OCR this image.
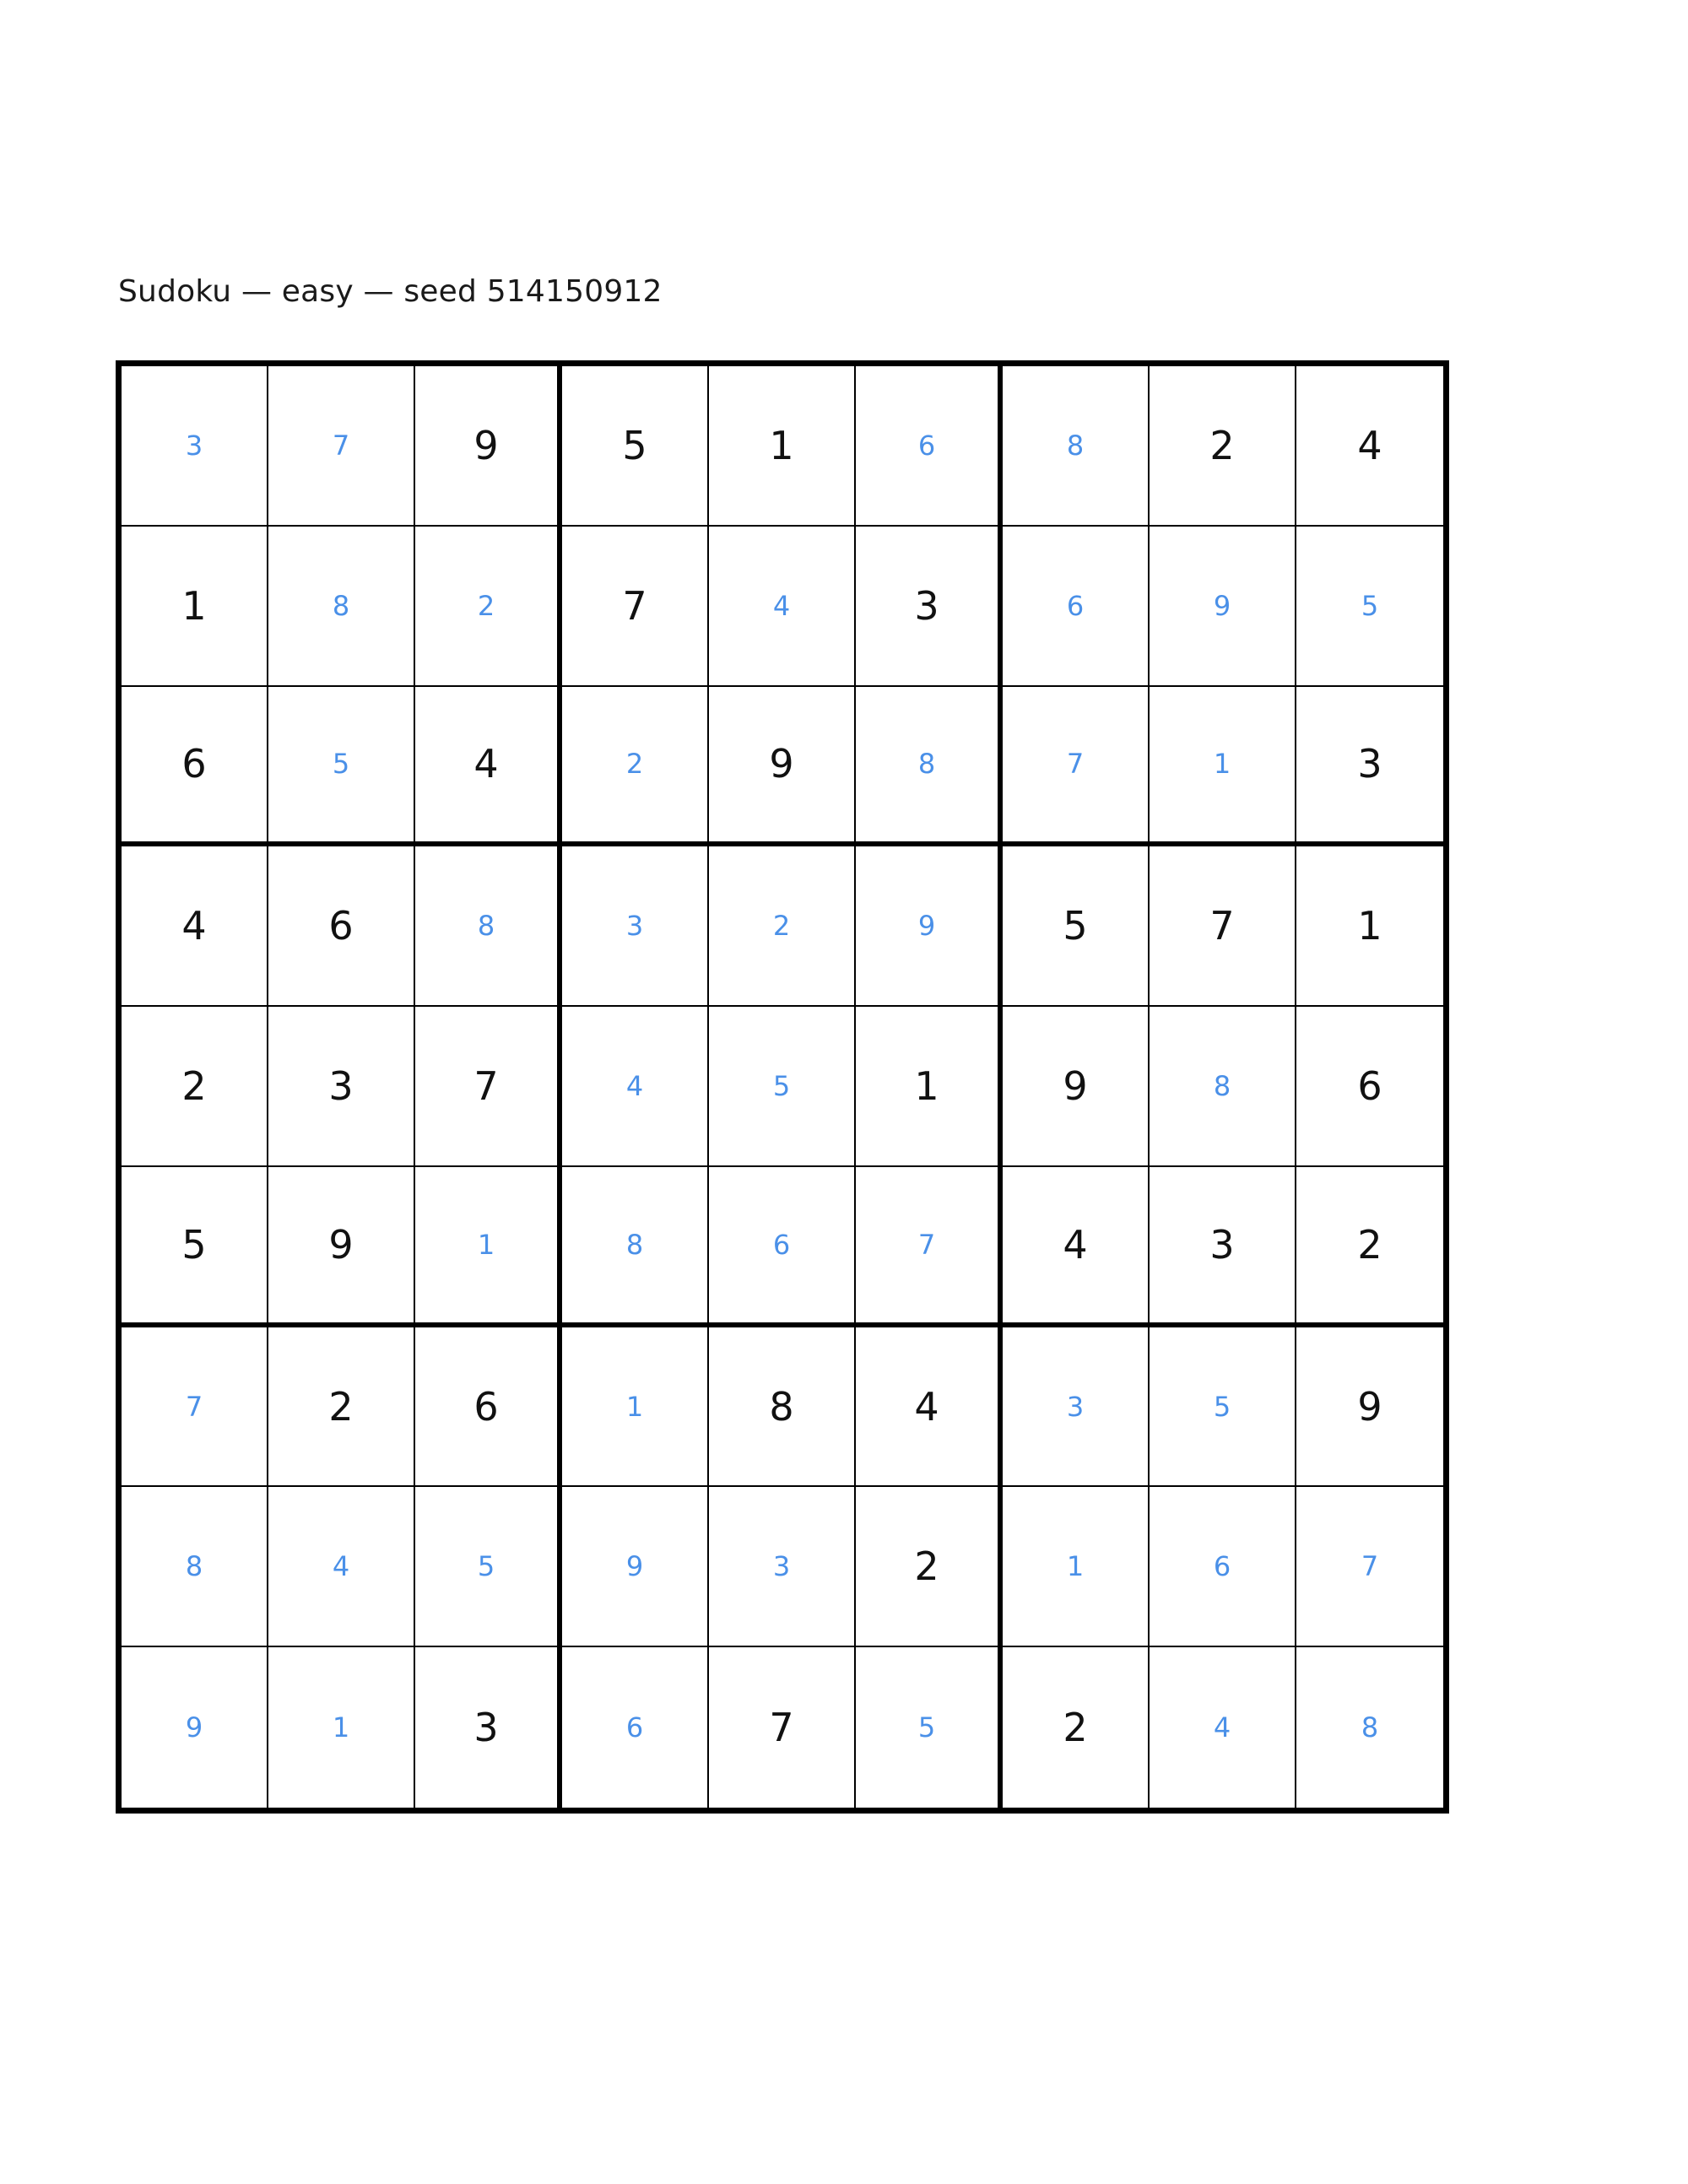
Sudoku — easy — seed 514150912
3	7	9	5	1	6	8	2	4
1	8	2	7	4	3	6	9	5
6	5	4	2	9	8	7	1	3
4	6	8	3	2	9	5	7	1
2	3	7	4	5	1	9	8	6
5	9	1	8	6	7	4	3	2
7	2	6	1	8	4	3	5	9
8	4	5	9	3	2	1	6	7
9	1	3	6	7	5	2	4	8
